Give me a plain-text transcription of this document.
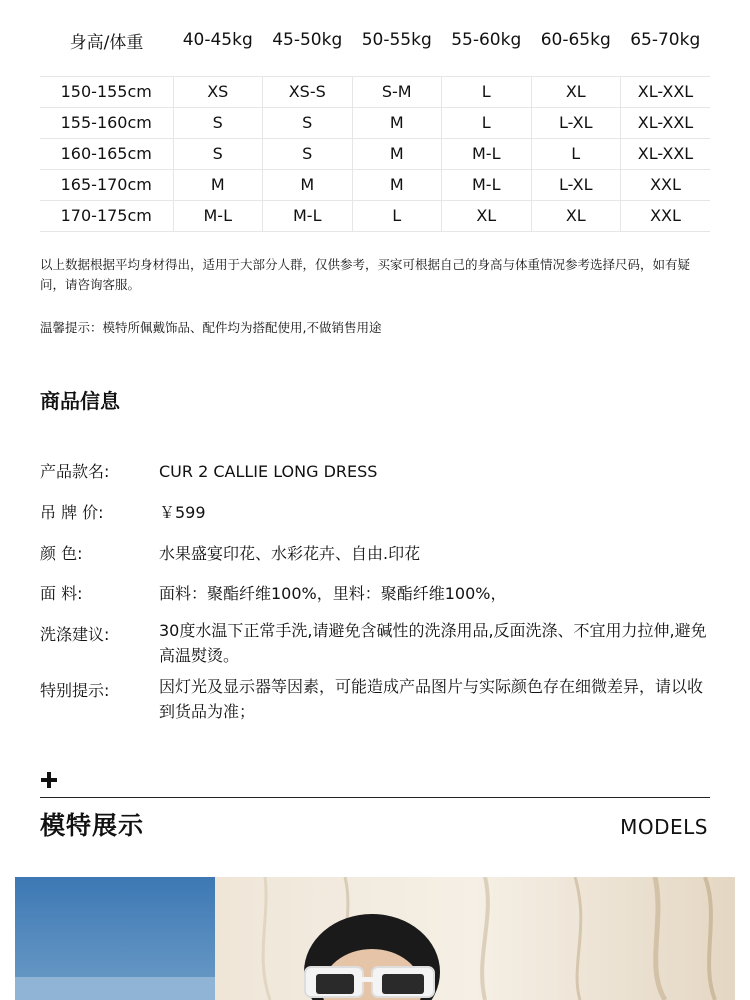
身高/体重	40-45kg	45-50kg	50-55kg	55-60kg	60-65kg	65-70kg

150-155cm	XS	XS-S	S-M	L	XL	XL-XXL
155-160cm	S	S	M	L	L-XL	XL-XXL
160-165cm	S	S	M	M-L	L	XL-XXL
165-170cm	M	M	M	M-L	L-XL	XXL
170-175cm	M-L	M-L	L	XL	XL	XXL
以上数据根据平均身材得出，适用于大部分人群，仅供参考，买家可根据自己的身高与体重情况参考选择尺码，如有疑问，请咨询客服。
温馨提示：模特所佩戴饰品、配件均为搭配使用,不做销售用途
商品信息
产品款名:	CUR 2 CALLIE LONG DRESS
吊 牌 价:	￥599
颜 色:	水果盛宴印花、水彩花卉、自由.印花
面 料:	面料：聚酯纤维100%，里料：聚酯纤维100%，
洗涤建议:	30度水温下正常手洗,请避免含碱性的洗涤用品,反面洗涤、不宜用力拉伸,避免高温熨烫。
特别提示:	因灯光及显示器等因素，可能造成产品图片与实际颜色存在细微差异，请以收到货品为准；
模特展示	MODELS
